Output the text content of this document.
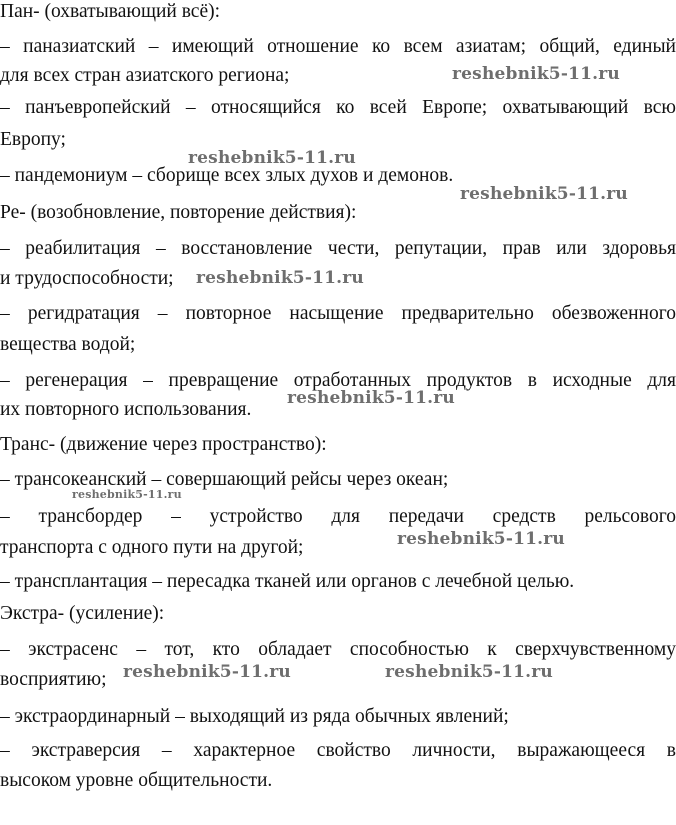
Пан- (охватывающий всё):
– паназиатский – имеющий отношение ко всем азиатам; общий, единый
для всех стран азиатского региона;
– панъевропейский – относящийся ко всей Европе; охватывающий всю
Европу;
– пандемониум – сборище всех злых духов и демонов.
Ре- (возобновление, повторение действия):
– реабилитация – восстановление чести, репутации, прав или здоровья
и трудоспособности;
– регидратация – повторное насыщение предварительно обезвоженного
вещества водой;
– регенерация – превращение отработанных продуктов в исходные для
их повторного использования.
Транс- (движение через пространство):
– трансокеанский – совершающий рейсы через океан;
– трансбордер – устройство для передачи средств рельсового
транспорта с одного пути на другой;
– трансплантация – пересадка тканей или органов с лечебной целью.
Экстра- (усиление):
– экстрасенс – тот, кто обладает способностью к сверхчувственному
восприятию;
– экстраординарный – выходящий из ряда обычных явлений;
– экстраверсия – характерное свойство личности, выражающееся в
высоком уровне общительности.
reshebnik5-11.ru
reshebnik5-11.ru
reshebnik5-11.ru
reshebnik5-11.ru
reshebnik5-11.ru
reshebnik5-11.ru
reshebnik5-11.ru
reshebnik5-11.ru	reshebnik5-11.ru
